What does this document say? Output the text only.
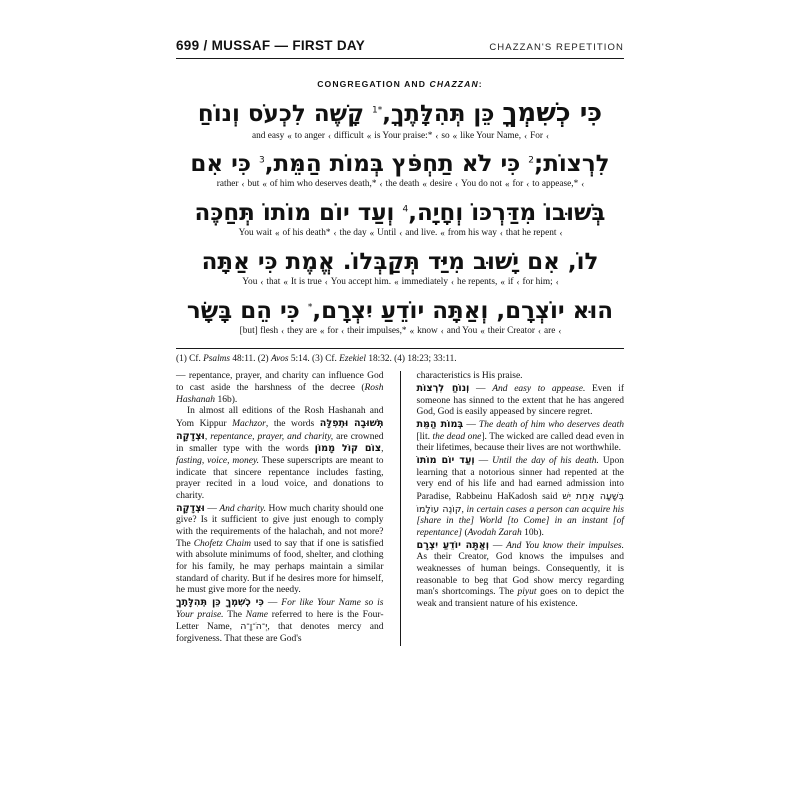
699 / MUSSAF — FIRST DAY	CHAZZAN'S REPETITION
CONGREGATION AND CHAZZAN:
כִּי כְשִׁמְךָ כֵּן תְּהִלָּתֶךָ,$^{*1}$ קָשֶׁה לִכְעֹס וְנוֹחַ
‹
For
‹
like Your Name,
«
so
‹
is Your praise:*
«
difficult
‹
to anger
«
and easy
לִרְצוֹת;$^2$ כִּי לֹא תַחְפֹּץ בְּמוֹת הַמֵּת,$^3$ כִּי אִם
‹
to appease,*
‹
for
«
You do not
‹
desire
«
the death
‹
of him who deserves death,*
«
but
‹
rather
בְּשׁוּבוֹ מִדַּרְכּוֹ וְחָיָה,$^4$ וְעַד יוֹם מוֹתוֹ תְּחַכֶּה
‹
that he repent
‹
from his way
«
and live.
‹
Until
«
the day
‹
of his death*
«
You wait
לוֹ, אִם יָשׁוּב מִיַּד תְּקַבְּלוֹ. אֱמֶת כִּי אַתָּה
‹
for him;
‹
if
«
he repents,
‹
immediately
«
You accept him.
‹
It is true
«
that
‹
You
הוּא יוֹצְרָם, וְאַתָּה יוֹדֵעַ יִצְרָם,* כִּי הֵם בָּשָׂר
‹
are
‹
their Creator
«
and You
‹
know
«
their impulses,*
‹
for
«
they are
‹
[but] flesh
(1) Cf. Psalms 48:11. (2) Avos 5:14. (3) Cf. Ezekiel 18:32. (4) 18:23; 33:11.

— repentance, prayer, and charity can influence God to cast aside the harshness of the decree (Rosh Hashanah 16b).

In almost all editions of the Rosh Hashanah and Yom Kippur Machzor, the words	תְּשׁוּבָה וּתְפִלָּה וּצְדָקָה, repentance, prayer, and charity, are crowned in smaller type with the words צוֹם קוֹל מָמוֹן, fasting, voice, money. These superscripts are meant to indicate that sincere repentance includes fasting, prayer recited in a loud voice, and donations to charity.

וּצְדָקָה — And charity. How much charity should one give? Is it sufficient to give just enough to comply with the requirements of the halachah, and not more? The Chofetz Chaim used to say that if one is satisfied with absolute minimums of food, shelter, and clothing for his family, he may perhaps maintain a similar standard of charity. But if he desires more for himself, he must give more for the needy.

כִּי כְשִׁמְךָ כֵּן תְּהִלָּתֶךָ — For like Your Name so is Your praise. The Name referred to here is the Four-Letter Name, יְ־הֹ־וָ־ה, that denotes mercy and forgiveness. That these are God's

characteristics is His praise.

וְנוֹחַ לִרְצוֹת — And easy to appease. Even if someone has sinned to the extent that he has angered God, God is easily appeased by sincere regret.

בְּמוֹת הַמֵּת — The death of him who deserves death [lit. the dead one]. The wicked are called dead even in their lifetimes, because their lives are not worthwhile.

וְעַד יוֹם מוֹתוֹ — Until the day of his death. Upon learning that a notorious sinner had repented at the very end of his life and had earned admission into Paradise, Rabbeinu HaKadosh said בְּשָׁעָה אַחַת יֵשׁ קוֹנֶה עוֹלָמוֹ, in certain cases a person can acquire his [share in the] World [to Come] in an instant [of repentance] (Avodah Zarah 10b).

וְאַתָּה יוֹדֵעַ יִצְרָם — And You know their impulses. As their Creator, God knows the impulses and weaknesses of human beings. Consequently, it is reasonable to beg that God show mercy regarding man's shortcomings. The piyut goes on to depict the weak and transient nature of his existence.
